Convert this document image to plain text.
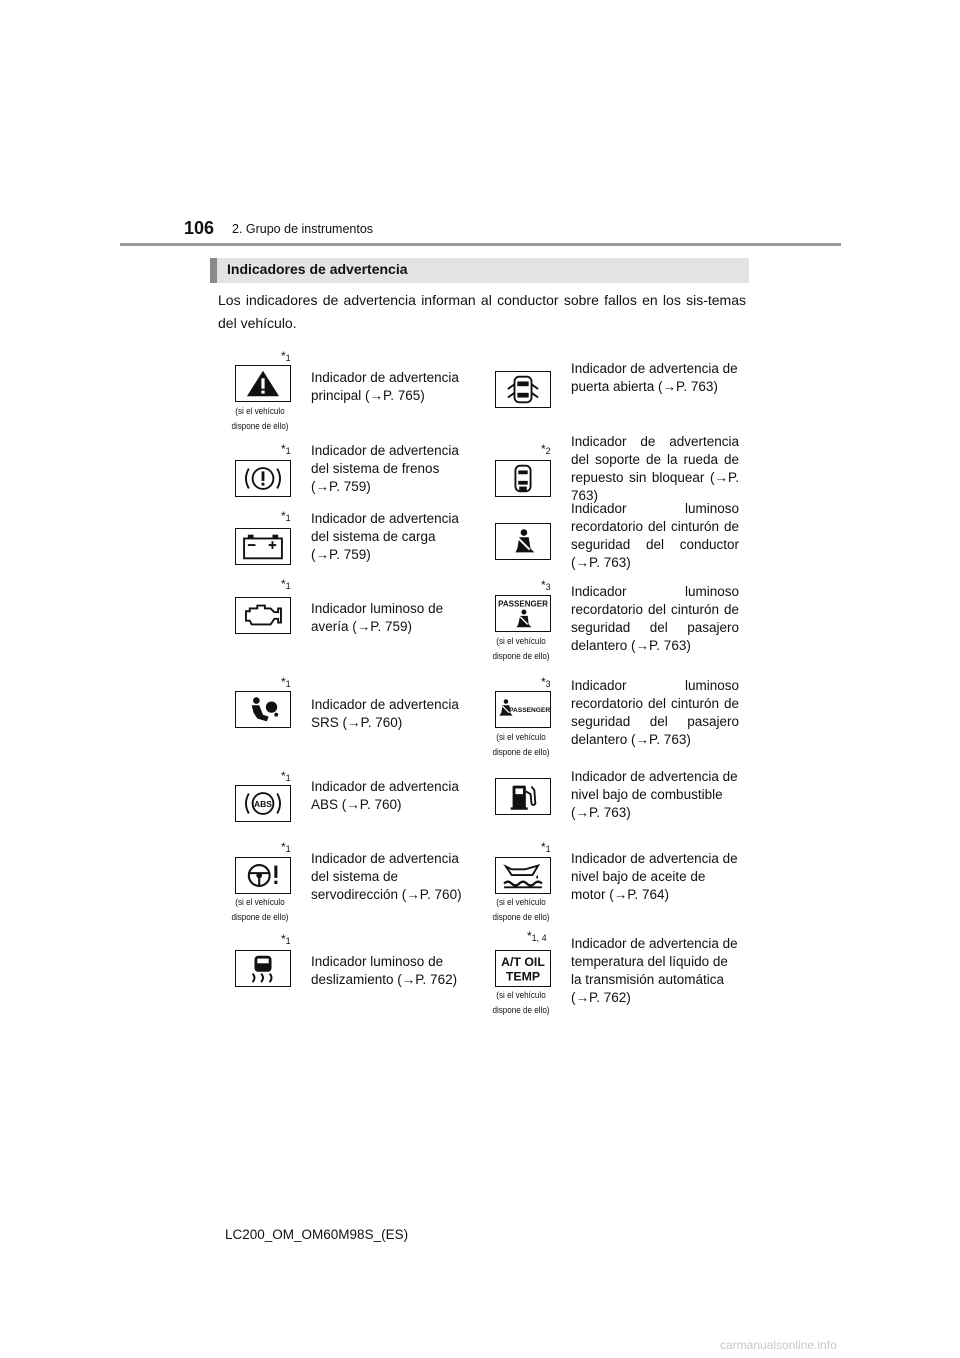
106 2. Grupo de instrumentos
Indicadores de advertencia
Los indicadores de advertencia informan al conductor sobre fallos en los sis-temas del vehículo.
$*_1$
(si el vehículo dispone de ello)
Indicador de advertencia principal (→P. 765)
Indicador de advertencia de puerta abierta (→P. 763)
$*_1$ Indicador de advertencia del sistema de frenos (→P. 759)
$*_2$
Indicador de advertencia del soporte de la rueda de repuesto sin bloquear (→P. 763)
$*_1$ Indicador de advertencia del sistema de carga (→P. 759)
Indicador luminoso recordatorio del cinturón de seguridad del conductor (→P. 763)
$*_1$
Indicador luminoso de avería (→P. 759)
$*_3$
PASSENGER
(si el vehículo dispone de ello)
Indicador luminoso recordatorio del cinturón de seguridad del pasajero delantero (→P. 763)
$*_1$
Indicador de advertencia SRS (→P. 760)
$*_3$
PASSENGER
(si el vehículo dispone de ello)
Indicador luminoso recordatorio del cinturón de seguridad del pasajero delantero (→P. 763)
$*_1$
ABS
Indicador de advertencia ABS (→P. 760)
Indicador de advertencia de nivel bajo de combustible (→P. 763)
$*_1$
(si el vehículo dispone de ello)
Indicador de advertencia del sistema de servodirección (→P. 760)
$*_1$
(si el vehículo dispone de ello)
Indicador de advertencia de nivel bajo de aceite de motor (→P. 764)
$*_1$
Indicador luminoso de deslizamiento (→P. 762)
$*_{1, 4}$
A/T OIL
TEMP
(si el vehículo dispone de ello)
Indicador de advertencia de temperatura del líquido de la transmisión automática (→P. 762)
LC200_OM_OM60M98S_(ES)
carmanualsonline.info
